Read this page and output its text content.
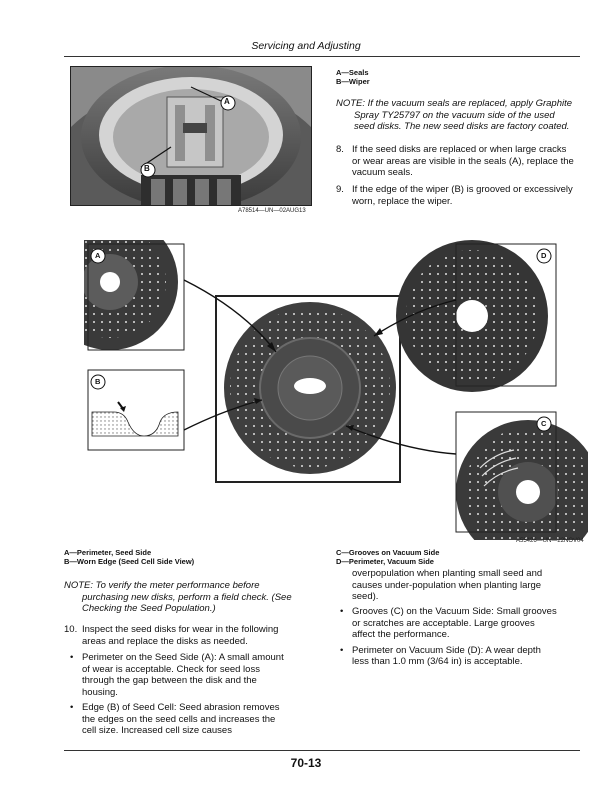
Servicing and Adjusting
A
B
A78514—UN—02AUG13
A—Seals
B—Wiper
NOTE: If the vacuum seals are replaced, apply Graphite
Spray TY25797 on the vacuum side of the used
seed disks. The new seed disks are factory coated.
8. If the seed disks are replaced or when large cracks
or wear areas are visible in the seals (A), replace the
vacuum seals.
9. If the edge of the wiper (B) is grooved or excessively
worn, replace the wiper.
A
B
C
D
A55426—UN—22NOV04
A—Perimeter, Seed Side
B—Worn Edge (Seed Cell Side View)
C—Grooves on Vacuum Side
D—Perimeter, Vacuum Side
NOTE: To verify the meter performance before
purchasing new disks, perform a field check. (See
Checking the Seed Population.)
10. Inspect the seed disks for wear in the following
areas and replace the disks as needed.
• Perimeter on the Seed Side (A): A small amount
of wear is acceptable. Check for seed loss
through the gap between the disk and the
housing.
• Edge (B) of Seed Cell: Seed abrasion removes
the edges on the seed cells and increases the
cell size. Increased cell size causes
overpopulation when planting small seed and
causes under-population when planting large
seed).
• Grooves (C) on the Vacuum Side: Small grooves
or scratches are acceptable. Large grooves
affect the performance.
• Perimeter on Vacuum Side (D): A wear depth
less than 1.0 mm (3/64 in) is acceptable.
70-13
